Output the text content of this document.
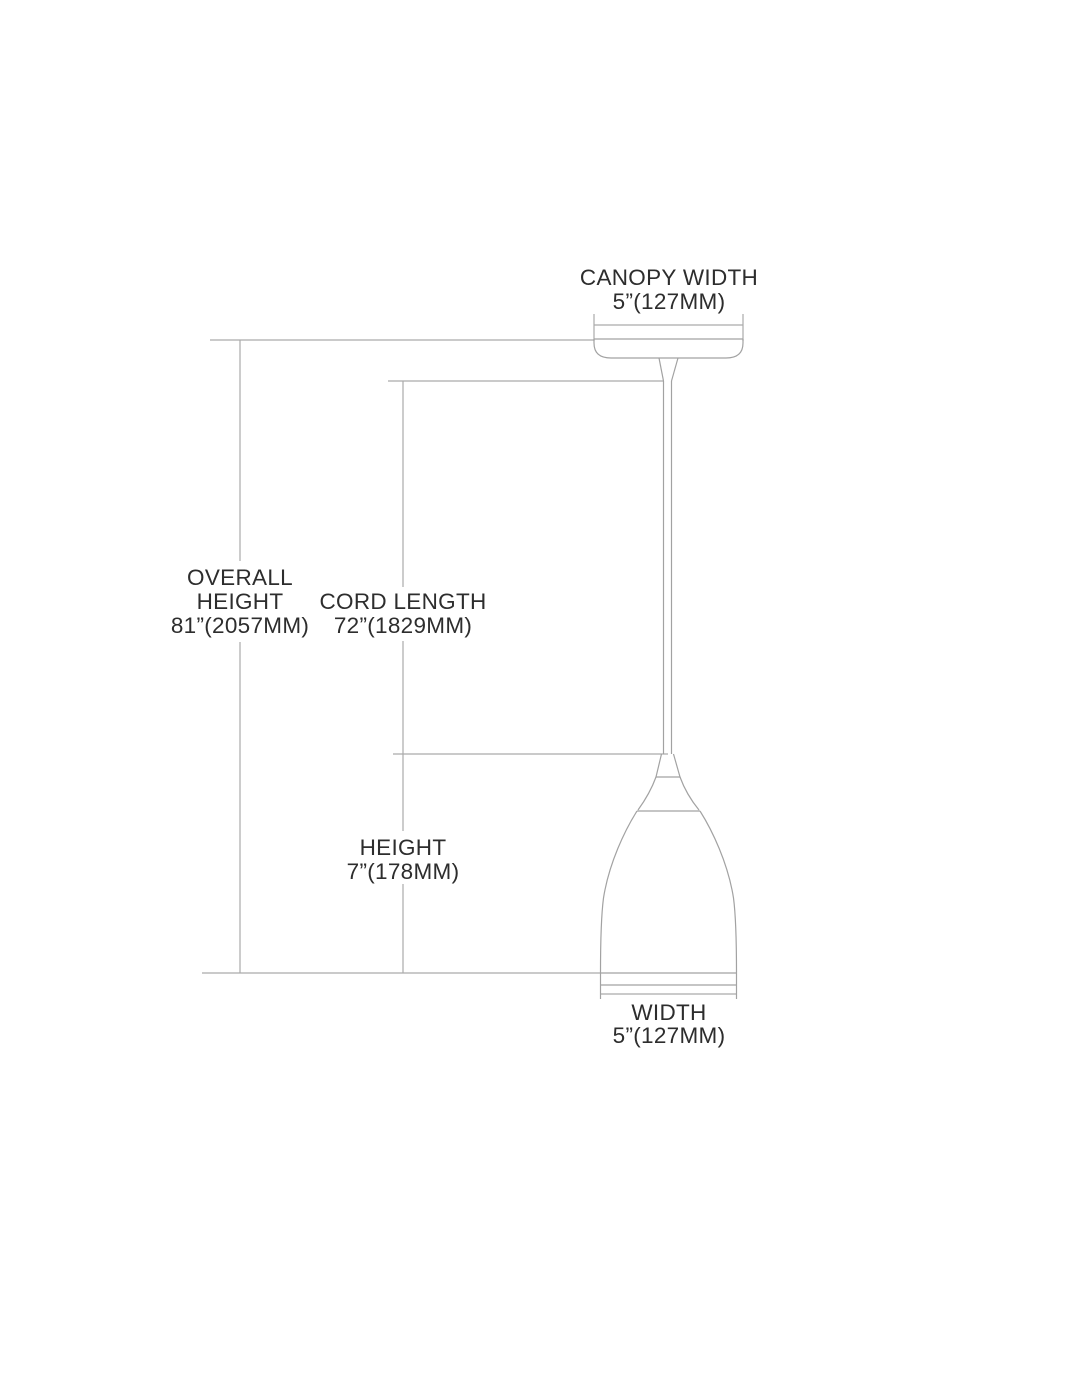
CANOPY WIDTH
5”(127MM)
OVERALL
HEIGHT
81”(2057MM)
CORD LENGTH
72”(1829MM)
HEIGHT
7”(178MM)
WIDTH
5”(127MM)
